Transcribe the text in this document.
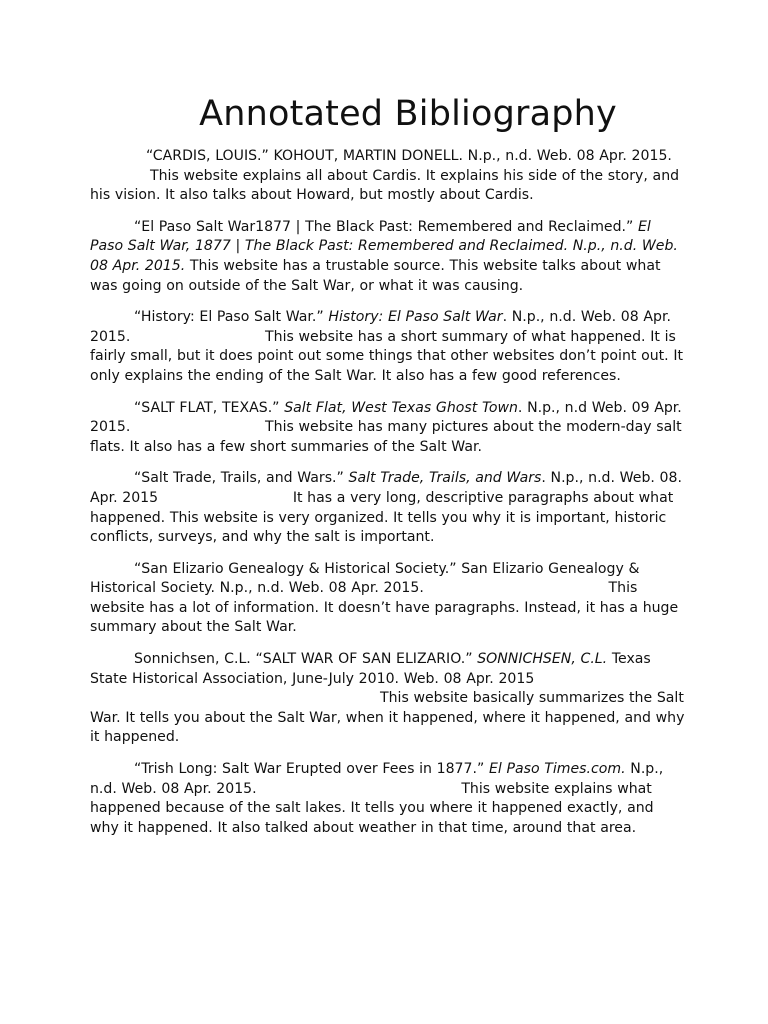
Annotated Bibliography

“CARDIS, LOUIS.” KOHOUT, MARTIN DONELL. N.p., n.d. Web. 08 Apr. 2015. This website explains all about Cardis. It explains his side of the story, and his vision. It also talks about Howard, but mostly about Cardis.

“El Paso Salt War1877 | The Black Past: Remembered and Reclaimed.” El Paso Salt War, 1877 | The Black Past: Remembered and Reclaimed. N.p., n.d. Web. 08 Apr. 2015. This website has a trustable source. This website talks about what was going on outside of the Salt War, or what it was causing.

“History: El Paso Salt War.” History: El Paso Salt War. N.p., n.d. Web. 08 Apr. 2015.	This website has a short summary of what happened. It is fairly small, but it does point out some things that other websites don’t point out. It only explains the ending of the Salt War. It also has a few good references.

“SALT FLAT, TEXAS.” Salt Flat, West Texas Ghost Town. N.p., n.d Web. 09 Apr. 2015.	This website has many pictures about the modern-day salt flats. It also has a few short summaries of the Salt War.

“Salt Trade, Trails, and Wars.” Salt Trade, Trails, and Wars. N.p., n.d. Web. 08. Apr. 2015	It has a very long, descriptive paragraphs about what happened. This website is very organized. It tells you why it is important, historic conflicts, surveys, and why the salt is important.

“San Elizario Genealogy & Historical Society.” San Elizario Genealogy & Historical Society. N.p., n.d. Web. 08 Apr. 2015.	This website has a lot of information. It doesn’t have paragraphs. Instead, it has a huge summary about the Salt War.

Sonnichsen, C.L. “SALT WAR OF SAN ELIZARIO.” SONNICHSEN, C.L. Texas State Historical Association, June-July 2010. Web. 08 Apr. 2015 This website basically summarizes the Salt War. It tells you about the Salt War, when it happened, where it happened, and why it happened.

“Trish Long: Salt War Erupted over Fees in 1877.” El Paso Times.com. N.p., n.d. Web. 08 Apr. 2015.	This website explains what happened because of the salt lakes. It tells you where it happened exactly, and why it happened. It also talked about weather in that time, around that area.
